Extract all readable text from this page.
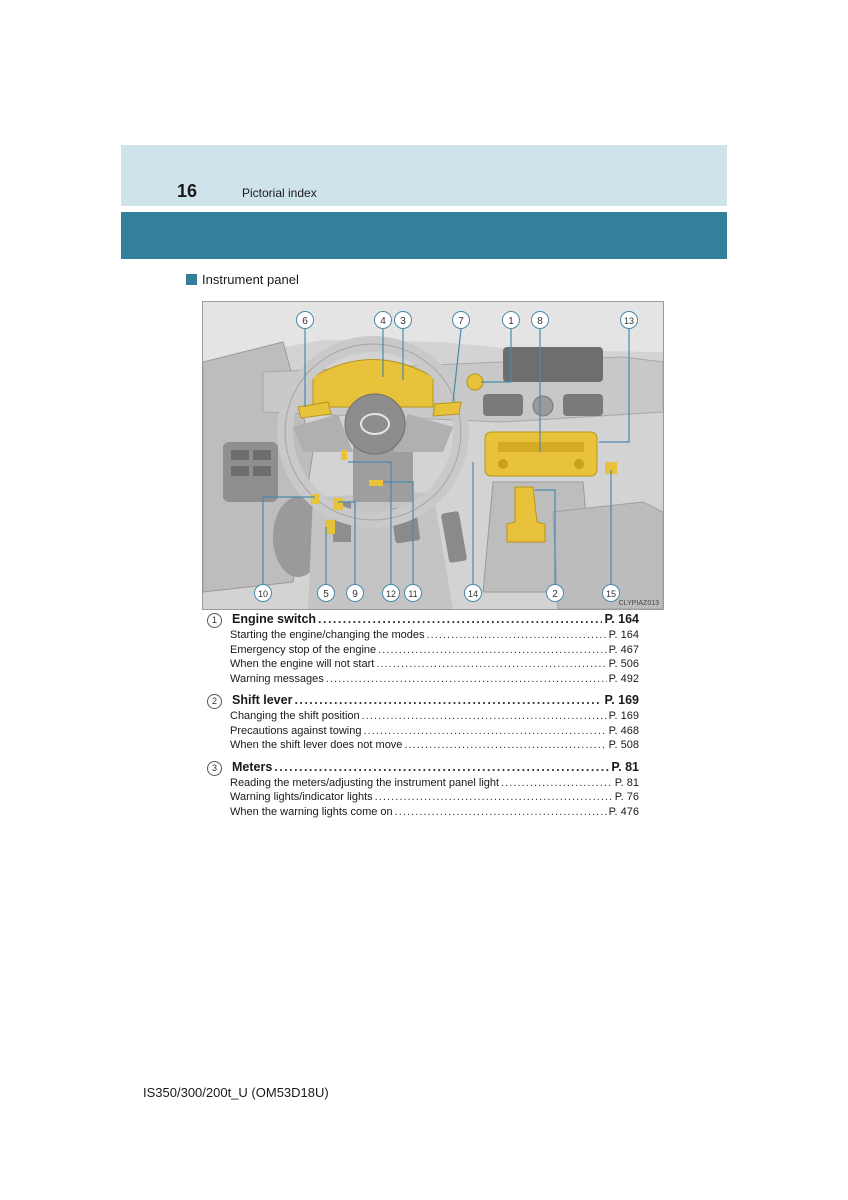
16	Pictorial index
Instrument panel
6	4 3	7	1 8	13
10	5 9	12 11	14	2	15
CLYPIAZ013
1	Engine switch . . .	P. 164
Starting the engine/changing the modes . . .	P. 164
Emergency stop of the engine . . .	P. 467
When the engine will not start . . .	P. 506
Warning messages . . .	P. 492
2	Shift lever . . .	P. 169
Changing the shift position . . .	P. 169
Precautions against towing . . .	P. 468
When the shift lever does not move . . .	P. 508
3	Meters . . .	P. 81
Reading the meters/adjusting the instrument panel light . . .	P. 81
Warning lights/indicator lights . . .	P. 76
When the warning lights come on . . .	P. 476
IS350/300/200t_U (OM53D18U)
